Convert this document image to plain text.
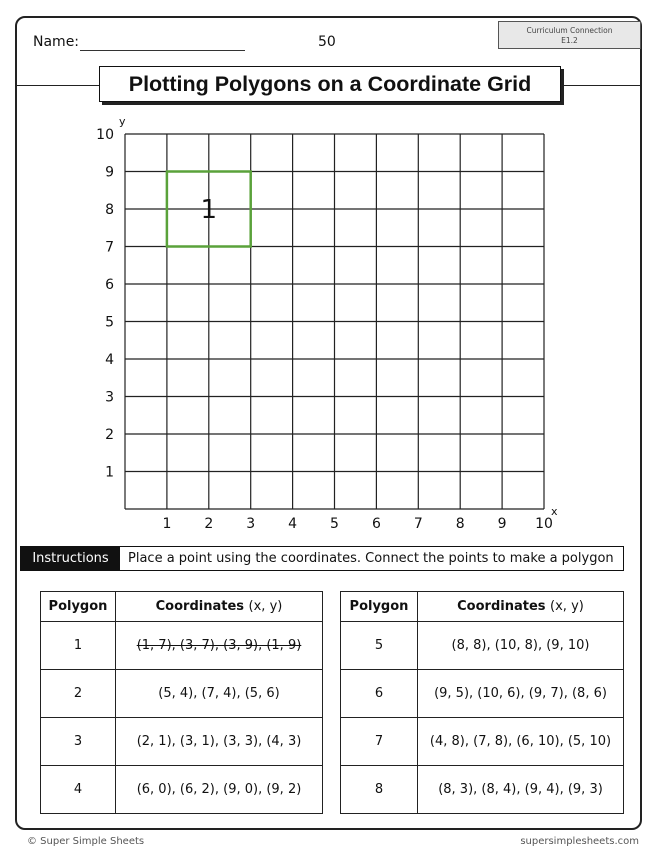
Name:	50
Curriculum Connection
E1.2
Plotting Polygons on a Coordinate Grid
1 2 3 4 5 6 7 8 9 10
1
2
3
4
5
6
7
8
9
10
x
y
1
Instructions	Place a point using the coordinates. Connect the points to make a polygon
Polygon	Coordinates (x, y)
1	(1, 7), (3, 7), (3, 9), (1, 9)
2	(5, 4), (7, 4), (5, 6)
3	(2, 1), (3, 1), (3, 3), (4, 3)
4	(6, 0), (6, 2), (9, 0), (9, 2)
Polygon	Coordinates (x, y)
5	(8, 8), (10, 8), (9, 10)
6	(9, 5), (10, 6), (9, 7), (8, 6)
7	(4, 8), (7, 8), (6, 10), (5, 10)
8	(8, 3), (8, 4), (9, 4), (9, 3)
© Super Simple Sheets	supersimplesheets.com
